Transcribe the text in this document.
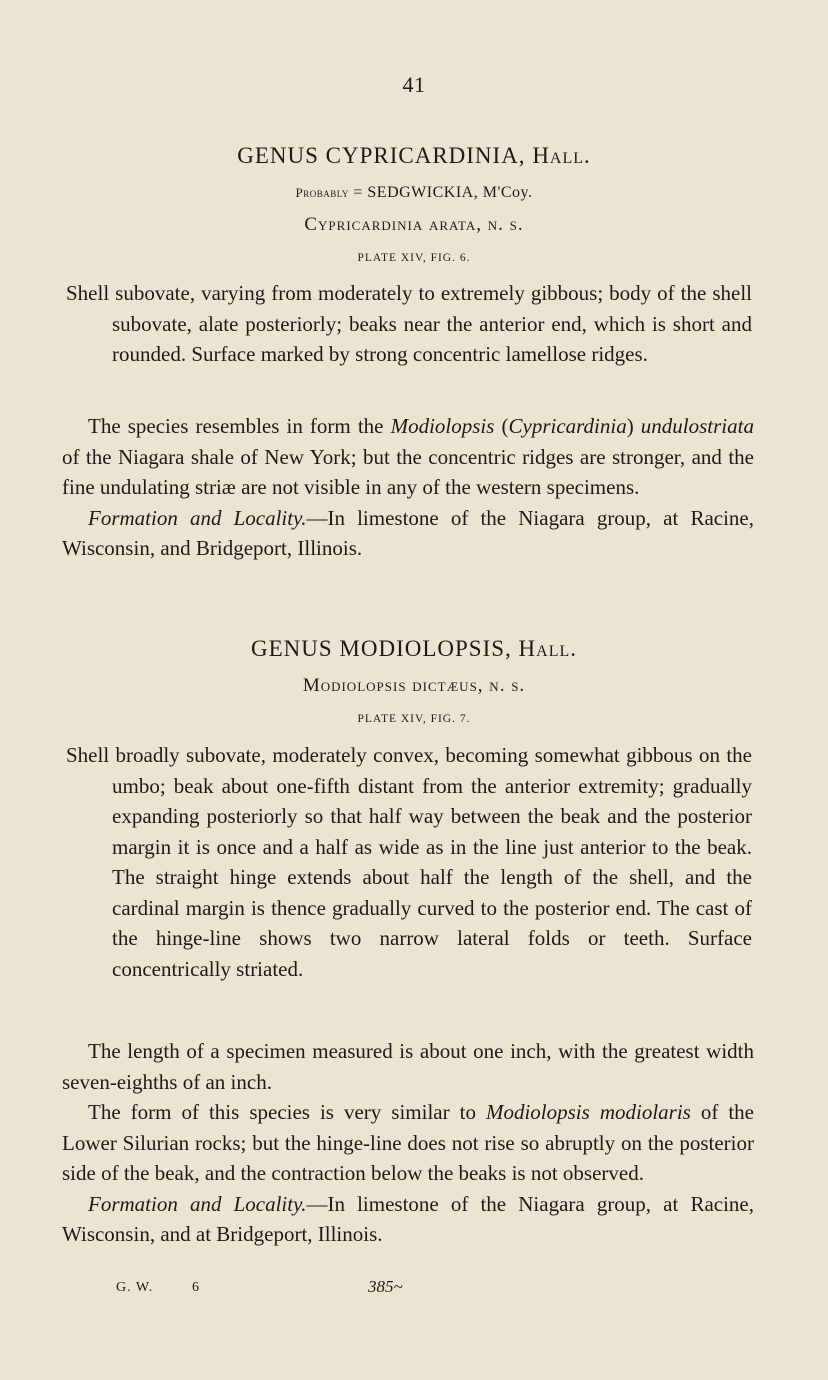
41
GENUS CYPRICARDINIA, Hall.
Probably = SEDGWICKIA, M'Coy.
Cypricardinia arata, n. s.
PLATE XIV, FIG. 6.
Shell subovate, varying from moderately to extremely gibbous; body of the shell subovate, alate posteriorly; beaks near the anterior end, which is short and rounded. Surface marked by strong concentric lamellose ridges.

The species resembles in form the Modiolopsis (Cypricardinia) undulostriata of the Niagara shale of New York; but the concentric ridges are stronger, and the fine undulating striæ are not visible in any of the western specimens.

Formation and Locality.—In limestone of the Niagara group, at Racine, Wisconsin, and Bridgeport, Illinois.

GENUS MODIOLOPSIS, Hall.
Modiolopsis dictæus, n. s.
PLATE XIV, FIG. 7.
Shell broadly subovate, moderately convex, becoming somewhat gibbous on the umbo; beak about one-fifth distant from the anterior extremity; gradually expanding posteriorly so that half way between the beak and the posterior margin it is once and a half as wide as in the line just anterior to the beak. The straight hinge extends about half the length of the shell, and the cardinal margin is thence gradually curved to the posterior end. The cast of the hinge-line shows two narrow lateral folds or teeth. Surface concentrically striated.

The length of a specimen measured is about one inch, with the greatest width seven-eighths of an inch.

The form of this species is very similar to Modiolopsis modiolaris of the Lower Silurian rocks; but the hinge-line does not rise so abruptly on the posterior side of the beak, and the contraction below the beaks is not observed.

Formation and Locality.—In limestone of the Niagara group, at Racine, Wisconsin, and at Bridgeport, Illinois.

G. W.	6	385~
